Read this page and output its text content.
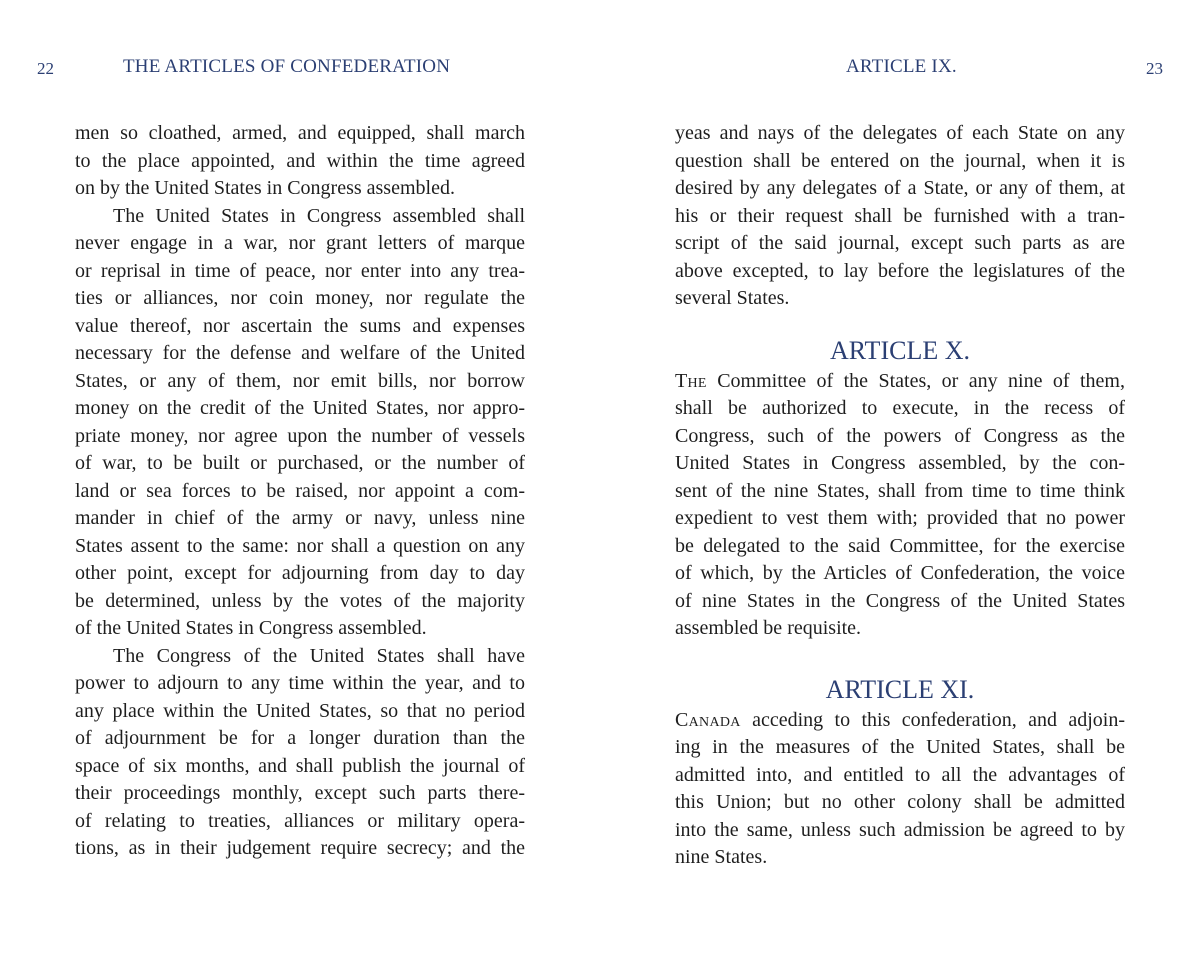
22	THE ARTICLES OF CONFEDERATION

men so cloathed, armed, and equipped, shall march
to the place appointed, and within the time agreed
on by the United States in Congress assembled.

The United States in Congress assembled shall
never engage in a war, nor grant letters of marque
or reprisal in time of peace, nor enter into any trea-
ties or alliances, nor coin money, nor regulate the
value thereof, nor ascertain the sums and expenses
necessary for the defense and welfare of the United
States, or any of them, nor emit bills, nor borrow
money on the credit of the United States, nor appro-
priate money, nor agree upon the number of vessels
of war, to be built or purchased, or the number of
land or sea forces to be raised, nor appoint a com-
mander in chief of the army or navy, unless nine
States assent to the same: nor shall a question on any
other point, except for adjourning from day to day
be determined, unless by the votes of the majority
of the United States in Congress assembled.

The Congress of the United States shall have
power to adjourn to any time within the year, and to
any place within the United States, so that no period
of adjournment be for a longer duration than the
space of six months, and shall publish the journal of
their proceedings monthly, except such parts there-
of relating to treaties, alliances or military opera-
tions, as in their judgement require secrecy; and the

ARTICLE IX.	23

yeas and nays of the delegates of each State on any
question shall be entered on the journal, when it is
desired by any delegates of a State, or any of them, at
his or their request shall be furnished with a tran-
script of the said journal, except such parts as are
above excepted, to lay before the legislatures of the
several States.

ARTICLE X.

The Committee of the States, or any nine of them,
shall be authorized to execute, in the recess of
Congress, such of the powers of Congress as the
United States in Congress assembled, by the con-
sent of the nine States, shall from time to time think
expedient to vest them with; provided that no power
be delegated to the said Committee, for the exercise
of which, by the Articles of Confederation, the voice
of nine States in the Congress of the United States
assembled be requisite.

ARTICLE XI.

Canada acceding to this confederation, and adjoin-
ing in the measures of the United States, shall be
admitted into, and entitled to all the advantages of
this Union; but no other colony shall be admitted
into the same, unless such admission be agreed to by
nine States.
